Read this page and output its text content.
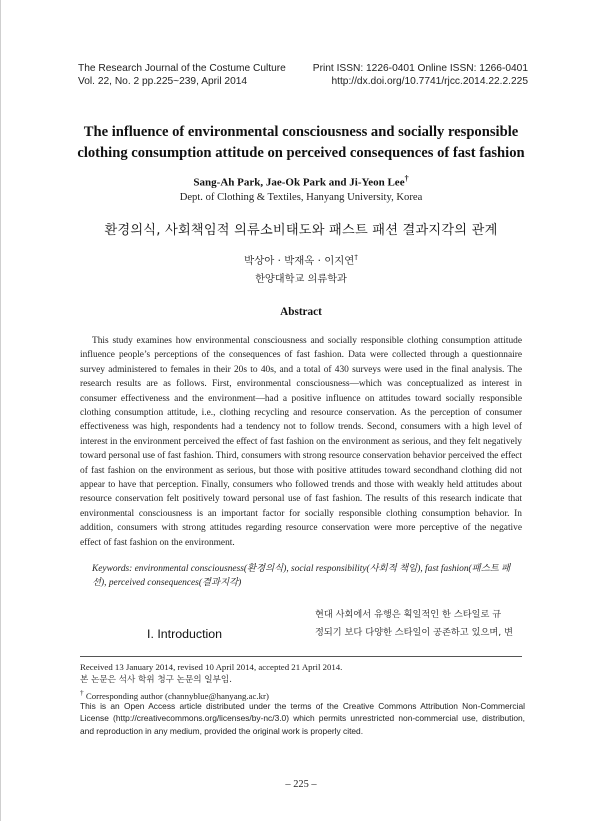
The Research Journal of the Costume Culture
Vol. 22, No. 2 pp.225~239, April 2014
Print ISSN: 1226-0401 Online ISSN: 1266-0401
http://dx.doi.org/10.7741/rjcc.2014.22.2.225
The influence of environmental consciousness and socially responsible
clothing consumption attitude on perceived consequences of fast fashion
Sang-Ah Park, Jae-Ok Park and Ji-Yeon Lee†
Dept. of Clothing & Textiles, Hanyang University, Korea
환경의식, 사회책임적 의류소비태도와 패스트 패션 결과지각의 관계
박상아 · 박재옥 · 이지연†
한양대학교 의류학과
Abstract

This study examines how environmental consciousness and socially responsible clothing consumption attitude influence people’s perceptions of the consequences of fast fashion. Data were collected through a questionnaire survey administered to females in their 20s to 40s, and a total of 430 surveys were used in the final analysis. The research results are as follows. First, environmental consciousness—which was conceptualized as interest in consumer effectiveness and the environment—had a positive influence on attitudes toward socially responsible clothing consumption attitude, i.e., clothing recycling and resource conservation. As the perception of consumer effectiveness was high, respondents had a tendency not to follow trends. Second, consumers with a high level of interest in the environment perceived the effect of fast fashion on the environment as serious, and they felt negatively toward personal use of fast fashion. Third, consumers with strong resource conservation behavior perceived the effect of fast fashion on the environment as serious, but those with positive attitudes toward secondhand clothing did not appear to have that perception. Finally, consumers who followed trends and those with weakly held attitudes about resource conservation felt positively toward personal use of fast fashion. The results of this research indicate that environmental consciousness is an important factor for socially responsible clothing consumption behavior. In addition, consumers with strong attitudes regarding resource conservation were more perceptive of the negative effect of fast fashion on the environment.

Keywords: environmental consciousness(환경의식), social responsibility(사회적 책임), fast fashion(패스트 패션), perceived consequences(결과지각)
I. Introduction
현대 사회에서 유행은 획일적인 한 스타일로 규
정되기 보다 다양한 스타일이 공존하고 있으며, 변
Received 13 January 2014, revised 10 April 2014, accepted 21 April 2014.
본 논문은 석사 학위 청구 논문의 일부임.
† Corresponding author (channyblue@hanyang.ac.kr)
This is an Open Access article distributed under the terms of the Creative Commons Attribution Non-Commercial License (http://creativecommons.org/licenses/by-nc/3.0) which permits unrestricted non-commercial use, distribution, and reproduction in any medium, provided the original work is properly cited.
‒ 225 ‒
